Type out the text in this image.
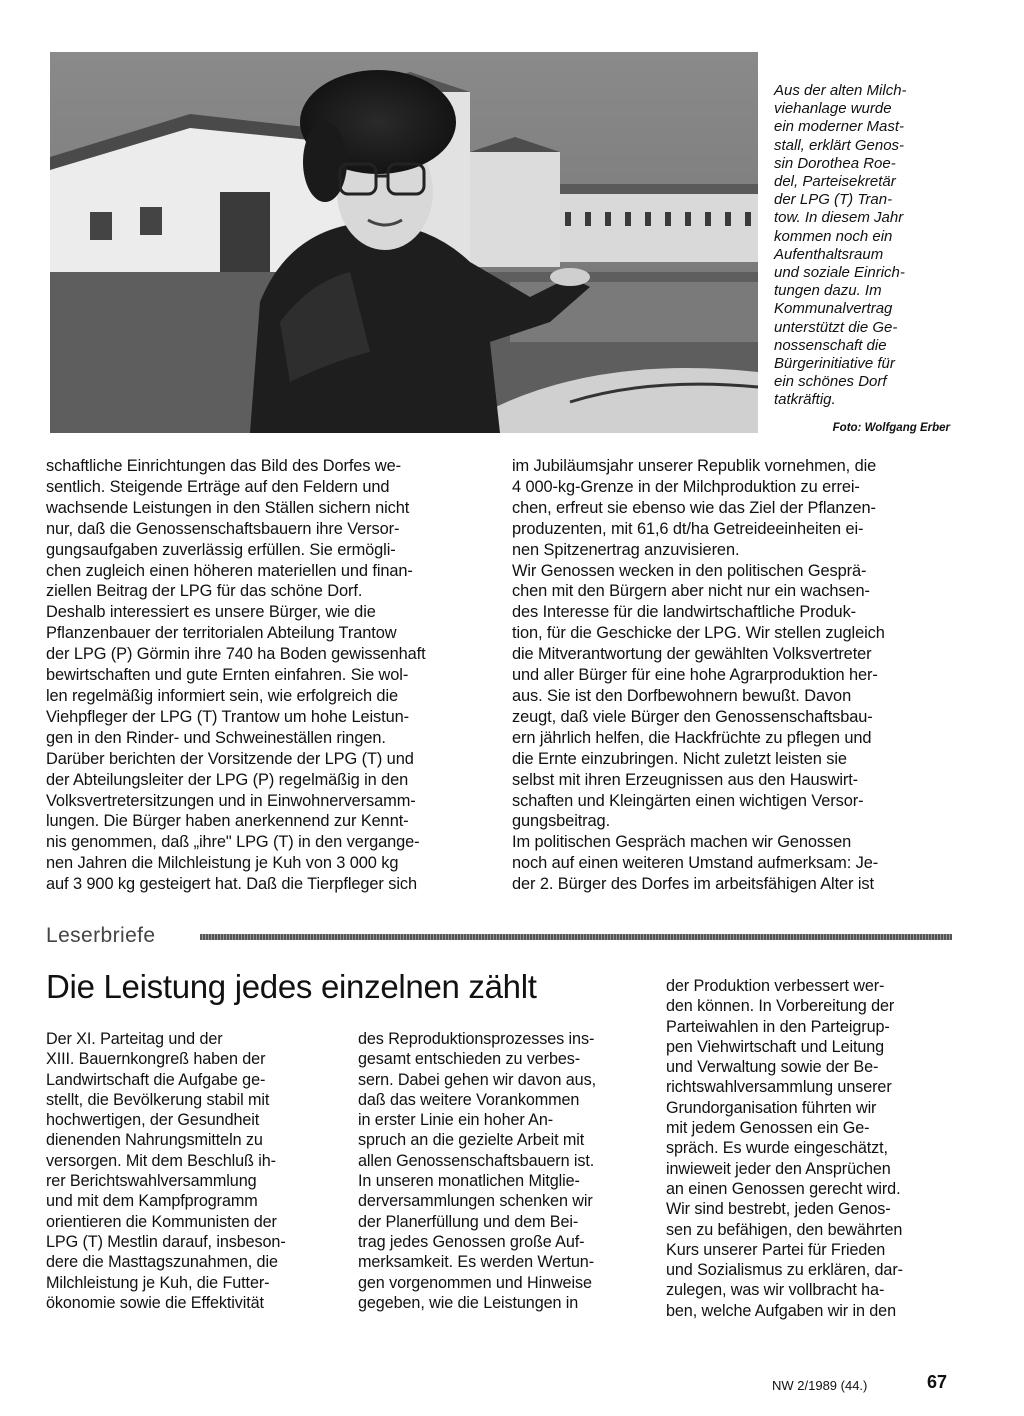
Aus der alten Milch-
viehanlage wurde
ein moderner Mast-
stall, erklärt Genos-
sin Dorothea Roe-
del, Parteisekretär
der LPG (T) Tran-
tow. In diesem Jahr
kommen noch ein
Aufenthaltsraum
und soziale Einrich-
tungen dazu. Im
Kommunalvertrag
unterstützt die Ge-
nossenschaft die
Bürgerinitiative für
ein schönes Dorf
tatkräftig.
Foto: Wolfgang Erber
schaftliche Einrichtungen das Bild des Dorfes we-
sentlich. Steigende Erträge auf den Feldern und
wachsende Leistungen in den Ställen sichern nicht
nur, daß die Genossenschaftsbauern ihre Versor-
gungsaufgaben zuverlässig erfüllen. Sie ermögli-
chen zugleich einen höheren materiellen und finan-
ziellen Beitrag der LPG für das schöne Dorf.
Deshalb interessiert es unsere Bürger, wie die
Pflanzenbauer der territorialen Abteilung Trantow
der LPG (P) Görmin ihre 740 ha Boden gewissenhaft
bewirtschaften und gute Ernten einfahren. Sie wol-
len regelmäßig informiert sein, wie erfolgreich die
Viehpfleger der LPG (T) Trantow um hohe Leistun-
gen in den Rinder- und Schweineställen ringen.
Darüber berichten der Vorsitzende der LPG (T) und
der Abteilungsleiter der LPG (P) regelmäßig in den
Volksvertretersitzungen und in Einwohnerversamm-
lungen. Die Bürger haben anerkennend zur Kennt-
nis genommen, daß „ihre" LPG (T) in den vergange-
nen Jahren die Milchleistung je Kuh von 3 000 kg
auf 3 900 kg gesteigert hat. Daß die Tierpfleger sich
im Jubiläumsjahr unserer Republik vornehmen, die
4 000-kg-Grenze in der Milchproduktion zu errei-
chen, erfreut sie ebenso wie das Ziel der Pflanzen-
produzenten, mit 61,6 dt/ha Getreideeinheiten ei-
nen Spitzenertrag anzuvisieren.
Wir Genossen wecken in den politischen Gesprä-
chen mit den Bürgern aber nicht nur ein wachsen-
des Interesse für die landwirtschaftliche Produk-
tion, für die Geschicke der LPG. Wir stellen zugleich
die Mitverantwortung der gewählten Volksvertreter
und aller Bürger für eine hohe Agrarproduktion her-
aus. Sie ist den Dorfbewohnern bewußt. Davon
zeugt, daß viele Bürger den Genossenschaftsbau-
ern jährlich helfen, die Hackfrüchte zu pflegen und
die Ernte einzubringen. Nicht zuletzt leisten sie
selbst mit ihren Erzeugnissen aus den Hauswirt-
schaften und Kleingärten einen wichtigen Versor-
gungsbeitrag.
Im politischen Gespräch machen wir Genossen
noch auf einen weiteren Umstand aufmerksam: Je-
der 2. Bürger des Dorfes im arbeitsfähigen Alter ist
Leserbriefe
Die Leistung jedes einzelnen zählt
Der XI. Parteitag und der
XIII. Bauernkongreß haben der
Landwirtschaft die Aufgabe ge-
stellt, die Bevölkerung stabil mit
hochwertigen, der Gesundheit
dienenden Nahrungsmitteln zu
versorgen. Mit dem Beschluß ih-
rer Berichtswahlversammlung
und mit dem Kampfprogramm
orientieren die Kommunisten der
LPG (T) Mestlin darauf, insbeson-
dere die Masttagszunahmen, die
Milchleistung je Kuh, die Futter-
ökonomie sowie die Effektivität
des Reproduktionsprozesses ins-
gesamt entschieden zu verbes-
sern. Dabei gehen wir davon aus,
daß das weitere Vorankommen
in erster Linie ein hoher An-
spruch an die gezielte Arbeit mit
allen Genossenschaftsbauern ist.
In unseren monatlichen Mitglie-
derversammlungen schenken wir
der Planerfüllung und dem Bei-
trag jedes Genossen große Auf-
merksamkeit. Es werden Wertun-
gen vorgenommen und Hinweise
gegeben, wie die Leistungen in
der Produktion verbessert wer-
den können. In Vorbereitung der
Parteiwahlen in den Parteigrup-
pen Viehwirtschaft und Leitung
und Verwaltung sowie der Be-
richtswahlversammlung unserer
Grundorganisation führten wir
mit jedem Genossen ein Ge-
spräch. Es wurde eingeschätzt,
inwieweit jeder den Ansprüchen
an einen Genossen gerecht wird.
Wir sind bestrebt, jeden Genos-
sen zu befähigen, den bewährten
Kurs unserer Partei für Frieden
und Sozialismus zu erklären, dar-
zulegen, was wir vollbracht ha-
ben, welche Aufgaben wir in den
NW 2/1989 (44.)	67
